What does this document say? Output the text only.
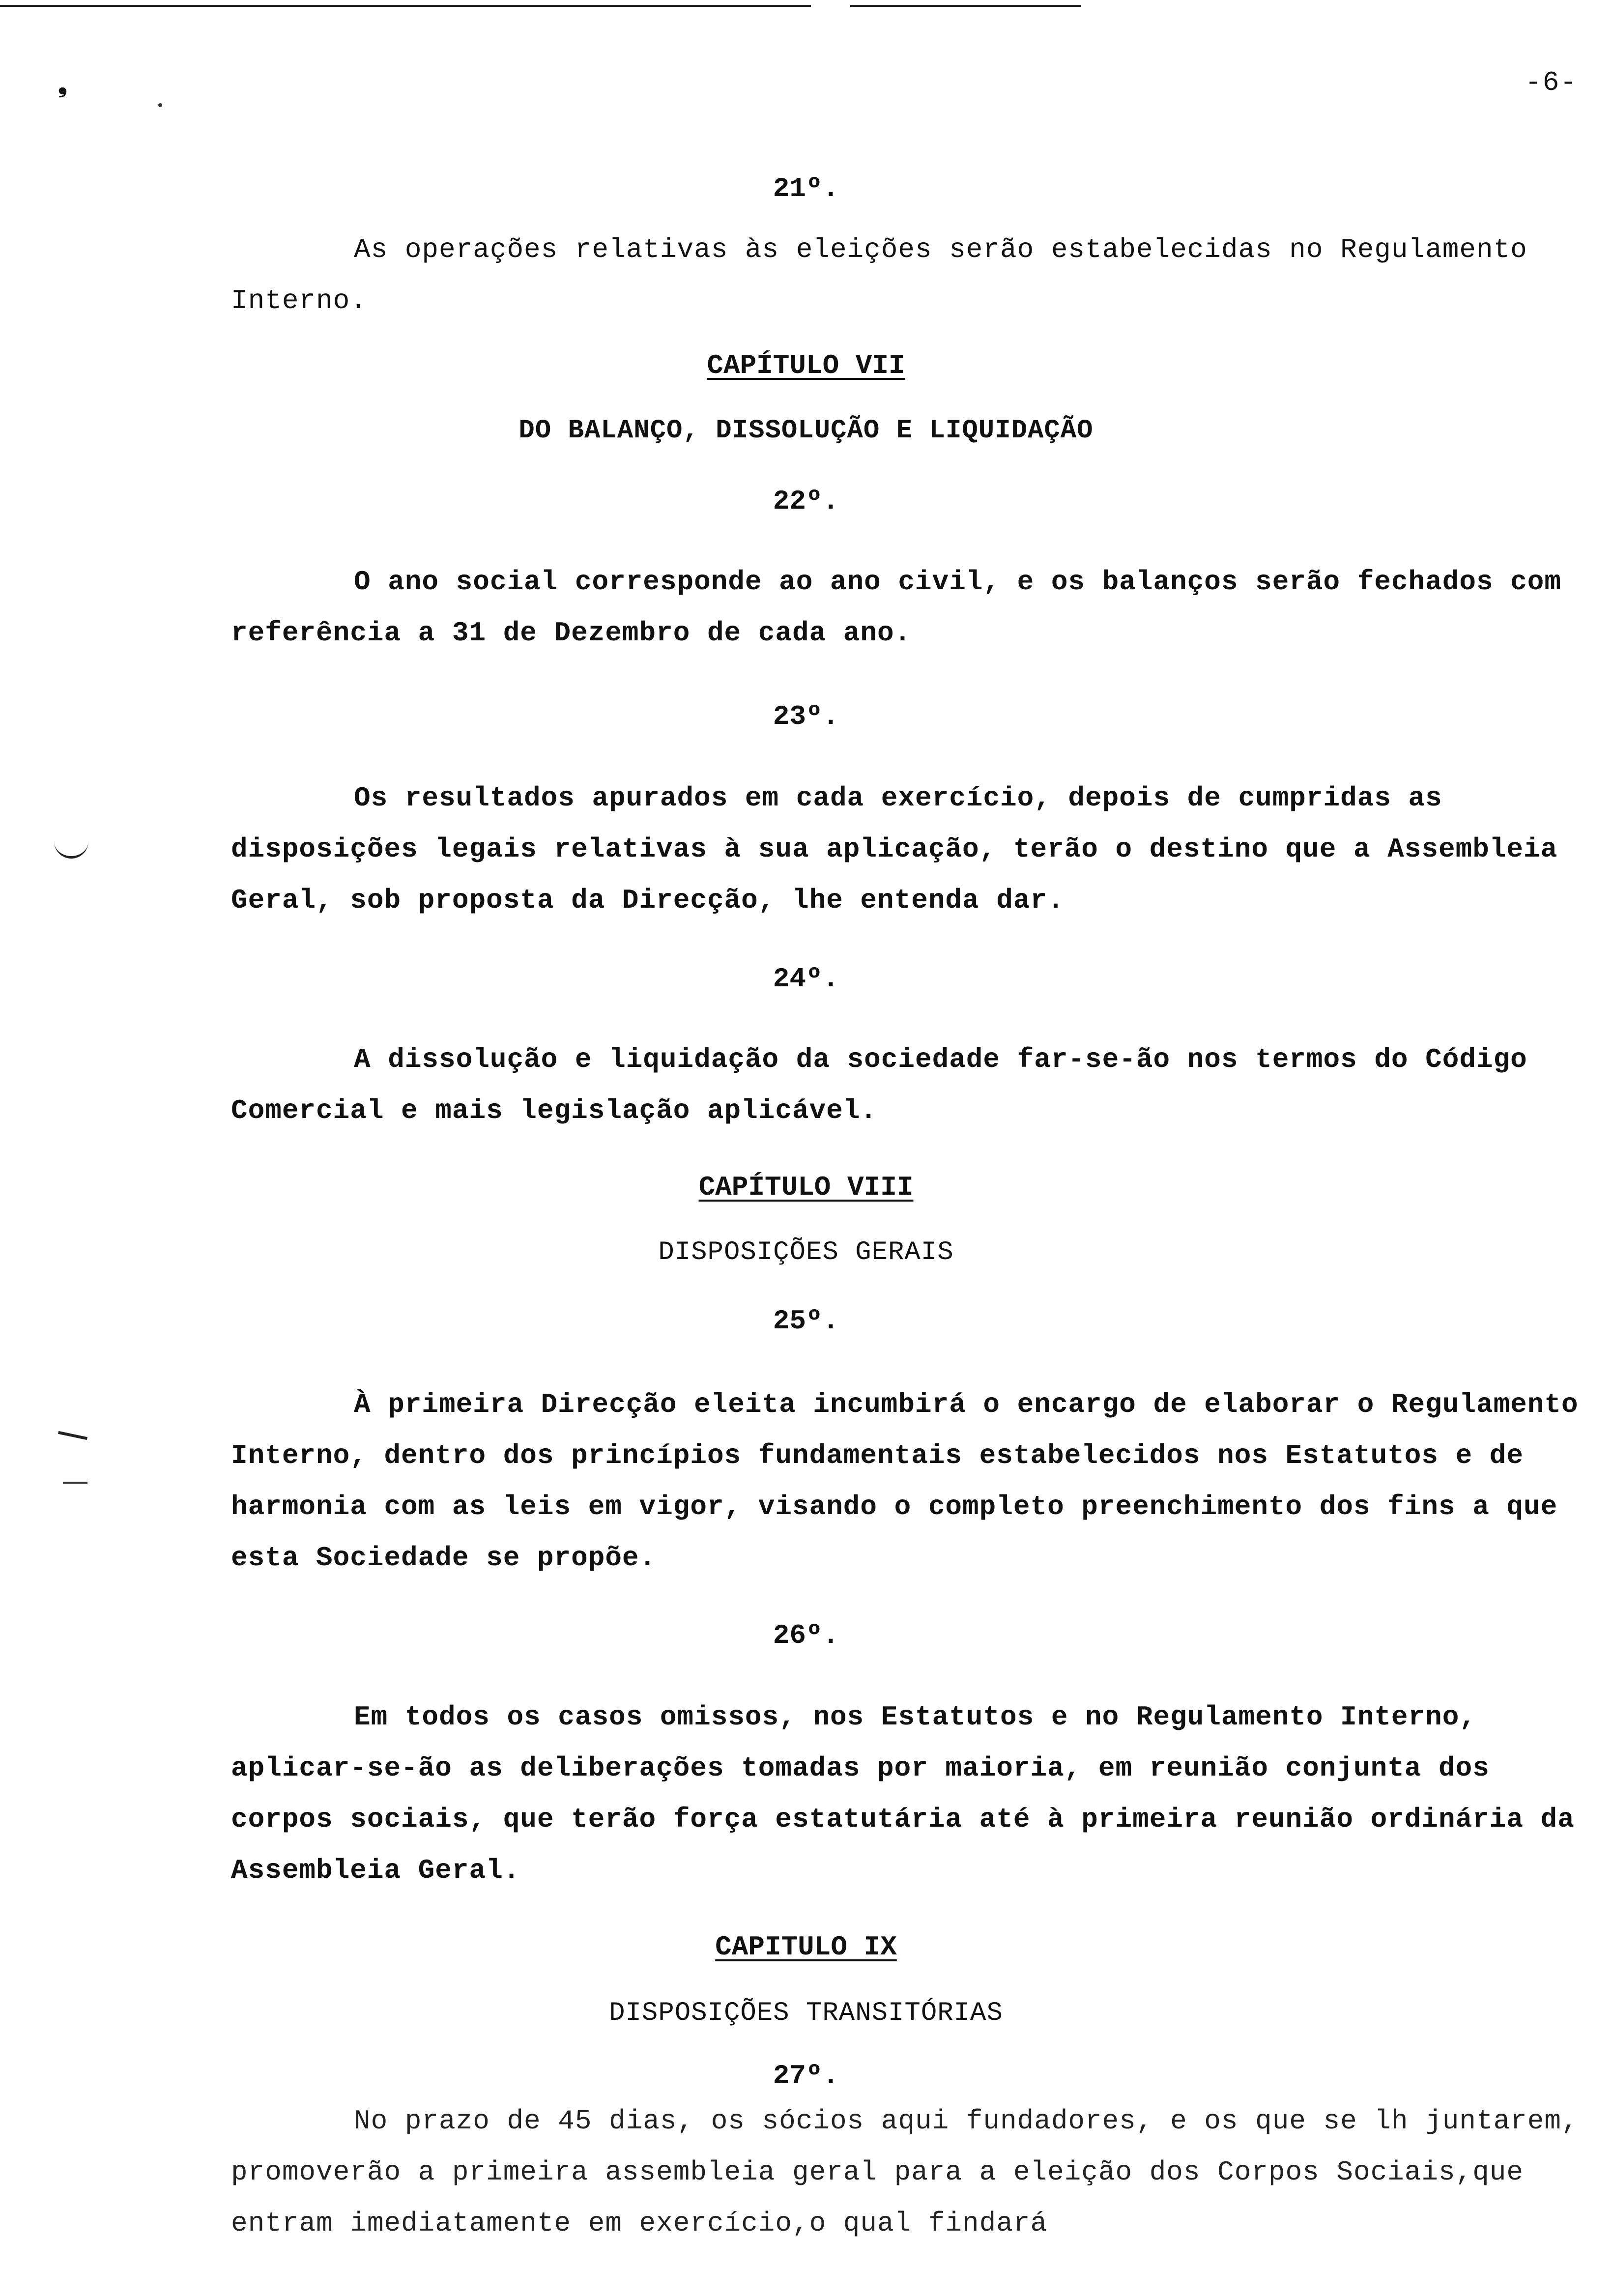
❟	-6-
21º.
As operações relativas às eleições serão estabelecidas no Regulamento Interno.
CAPÍTULO VII
DO BALANÇO, DISSOLUÇÃO E LIQUIDAÇÃO
22º.
O ano social corresponde ao ano civil, e os balanços serão fechados com referência a 31 de Dezembro de cada ano.
23º.
Os resultados apurados em cada exercício, depois de cumpridas as disposições legais relativas à sua aplicação, terão o destino que a Assembleia Geral, sob proposta da Direcção, lhe entenda dar.
24º.
A dissolução e liquidação da sociedade far-se-ão nos termos do Código Comercial e mais legislação aplicável.
CAPÍTULO VIII
DISPOSIÇÕES GERAIS
25º.
À primeira Direcção eleita incumbirá o encargo de elaborar o Regulamento Interno, dentro dos princípios fundamentais estabelecidos nos Estatutos e de harmonia com as leis em vigor, visando o completo preenchimento dos fins a que esta Sociedade se propõe.
26º.
Em todos os casos omissos, nos Estatutos e no Regulamento Interno, aplicar-se-ão as deliberações tomadas por maioria, em reunião conjunta dos corpos sociais, que terão força estatutária até à primeira reunião ordinária da Assembleia Geral.
CAPITULO IX
DISPOSIÇÕES TRANSITÓRIAS
27º.
No prazo de 45 dias, os sócios aqui fundadores, e os que se lh juntarem, promoverão a primeira assembleia geral para a eleição dos Corpos Sociais,que entram imediatamente em exercício,o qual findará
